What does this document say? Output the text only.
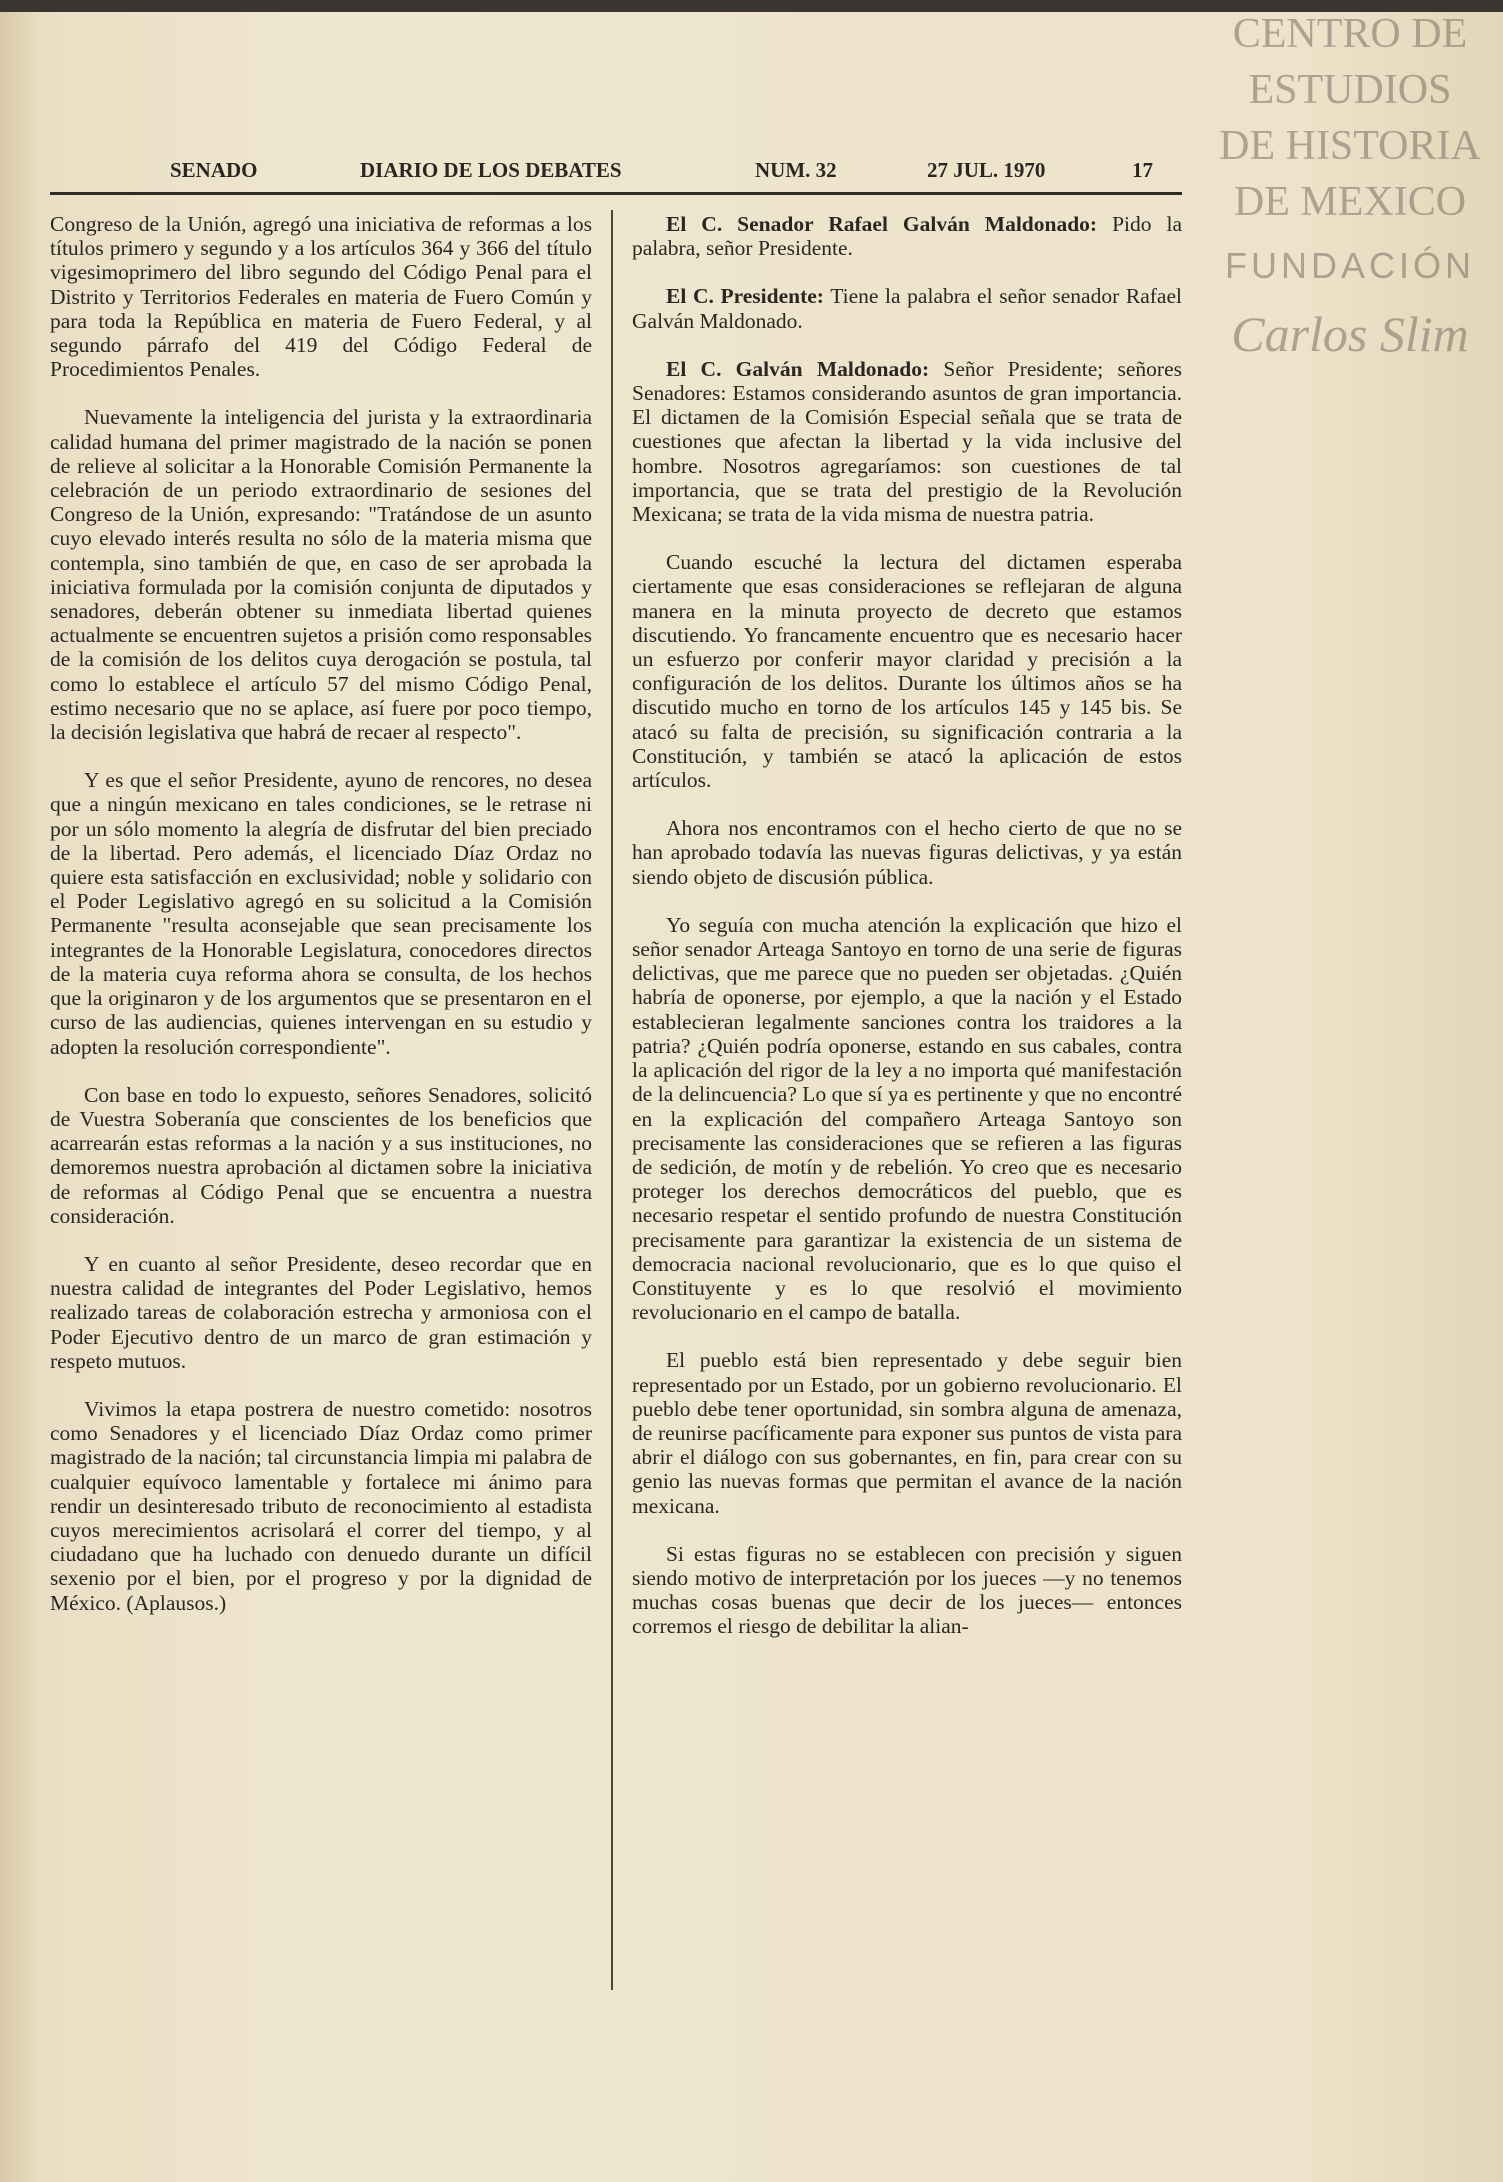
SENADO	DIARIO DE LOS DEBATES	NUM. 32	27 JUL. 1970	17

Congreso de la Unión, agregó una iniciativa de reformas a los títulos primero y segundo y a los artículos 364 y 366 del título vigesimoprimero del libro segundo del Código Penal para el Distrito y Territorios Federales en materia de Fuero Común y para toda la República en materia de Fuero Federal, y al segundo párrafo del 419 del Código Federal de Procedimientos Penales.

Nuevamente la inteligencia del jurista y la extraordinaria calidad humana del primer magistrado de la nación se ponen de relieve al solicitar a la Honorable Comisión Permanente la celebración de un periodo extraordinario de sesiones del Congreso de la Unión, expresando: "Tratándose de un asunto cuyo elevado interés resulta no sólo de la materia misma que contempla, sino también de que, en caso de ser aprobada la iniciativa formulada por la comisión conjunta de diputados y senadores, deberán obtener su inmediata libertad quienes actualmente se encuentren sujetos a prisión como responsables de la comisión de los delitos cuya derogación se postula, tal como lo establece el artículo 57 del mismo Código Penal, estimo necesario que no se aplace, así fuere por poco tiempo, la decisión legislativa que habrá de recaer al respecto".

Y es que el señor Presidente, ayuno de rencores, no desea que a ningún mexicano en tales condiciones, se le retrase ni por un sólo momento la alegría de disfrutar del bien preciado de la libertad. Pero además, el licenciado Díaz Ordaz no quiere esta satisfacción en exclusividad; noble y solidario con el Poder Legislativo agregó en su solicitud a la Comisión Permanente "resulta aconsejable que sean precisamente los integrantes de la Honorable Legislatura, conocedores directos de la materia cuya reforma ahora se consulta, de los hechos que la originaron y de los argumentos que se presentaron en el curso de las audiencias, quienes intervengan en su estudio y adopten la resolución correspondiente".

Con base en todo lo expuesto, señores Senadores, solicitó de Vuestra Soberanía que conscientes de los beneficios que acarrearán estas reformas a la nación y a sus instituciones, no demoremos nuestra aprobación al dictamen sobre la iniciativa de reformas al Código Penal que se encuentra a nuestra consideración.

Y en cuanto al señor Presidente, deseo recordar que en nuestra calidad de integrantes del Poder Legislativo, hemos realizado tareas de colaboración estrecha y armoniosa con el Poder Ejecutivo dentro de un marco de gran estimación y respeto mutuos.

Vivimos la etapa postrera de nuestro cometido: nosotros como Senadores y el licenciado Díaz Ordaz como primer magistrado de la nación; tal circunstancia limpia mi palabra de cualquier equívoco lamentable y fortalece mi ánimo para rendir un desinteresado tributo de reconocimiento al estadista cuyos merecimientos acrisolará el correr del tiempo, y al ciudadano que ha luchado con denuedo durante un difícil sexenio por el bien, por el progreso y por la dignidad de México. (Aplausos.)

El C. Senador Rafael Galván Maldonado: Pido la palabra, señor Presidente.

El C. Presidente: Tiene la palabra el señor senador Rafael Galván Maldonado.

El C. Galván Maldonado: Señor Presidente; señores Senadores: Estamos considerando asuntos de gran importancia. El dictamen de la Comisión Especial señala que se trata de cuestiones que afectan la libertad y la vida inclusive del hombre. Nosotros agregaríamos: son cuestiones de tal importancia, que se trata del prestigio de la Revolución Mexicana; se trata de la vida misma de nuestra patria.

Cuando escuché la lectura del dictamen esperaba ciertamente que esas consideraciones se reflejaran de alguna manera en la minuta proyecto de decreto que estamos discutiendo. Yo francamente encuentro que es necesario hacer un esfuerzo por conferir mayor claridad y precisión a la configuración de los delitos. Durante los últimos años se ha discutido mucho en torno de los artículos 145 y 145 bis. Se atacó su falta de precisión, su significación contraria a la Constitución, y también se atacó la aplicación de estos artículos.

Ahora nos encontramos con el hecho cierto de que no se han aprobado todavía las nuevas figuras delictivas, y ya están siendo objeto de discusión pública.

Yo seguía con mucha atención la explicación que hizo el señor senador Arteaga Santoyo en torno de una serie de figuras delictivas, que me parece que no pueden ser objetadas. ¿Quién habría de oponerse, por ejemplo, a que la nación y el Estado establecieran legalmente sanciones contra los traidores a la patria? ¿Quién podría oponerse, estando en sus cabales, contra la aplicación del rigor de la ley a no importa qué manifestación de la delincuencia? Lo que sí ya es pertinente y que no encontré en la explicación del compañero Arteaga Santoyo son precisamente las consideraciones que se refieren a las figuras de sedición, de motín y de rebelión. Yo creo que es necesario proteger los derechos democráticos del pueblo, que es necesario respetar el sentido profundo de nuestra Constitución precisamente para garantizar la existencia de un sistema de democracia nacional revolucionario, que es lo que quiso el Constituyente y es lo que resolvió el movimiento revolucionario en el campo de batalla.

El pueblo está bien representado y debe seguir bien representado por un Estado, por un gobierno revolucionario. El pueblo debe tener oportunidad, sin sombra alguna de amenaza, de reunirse pacíficamente para exponer sus puntos de vista para abrir el diálogo con sus gobernantes, en fin, para crear con su genio las nuevas formas que permitan el avance de la nación mexicana.

Si estas figuras no se establecen con precisión y siguen siendo motivo de interpretación por los jueces —y no tenemos muchas cosas buenas que decir de los jueces— entonces corremos el riesgo de debilitar la alian-

CENTRO DE
ESTUDIOS
DE HISTORIA
DE MEXICO
FUNDACIÓN
Carlos Slim
